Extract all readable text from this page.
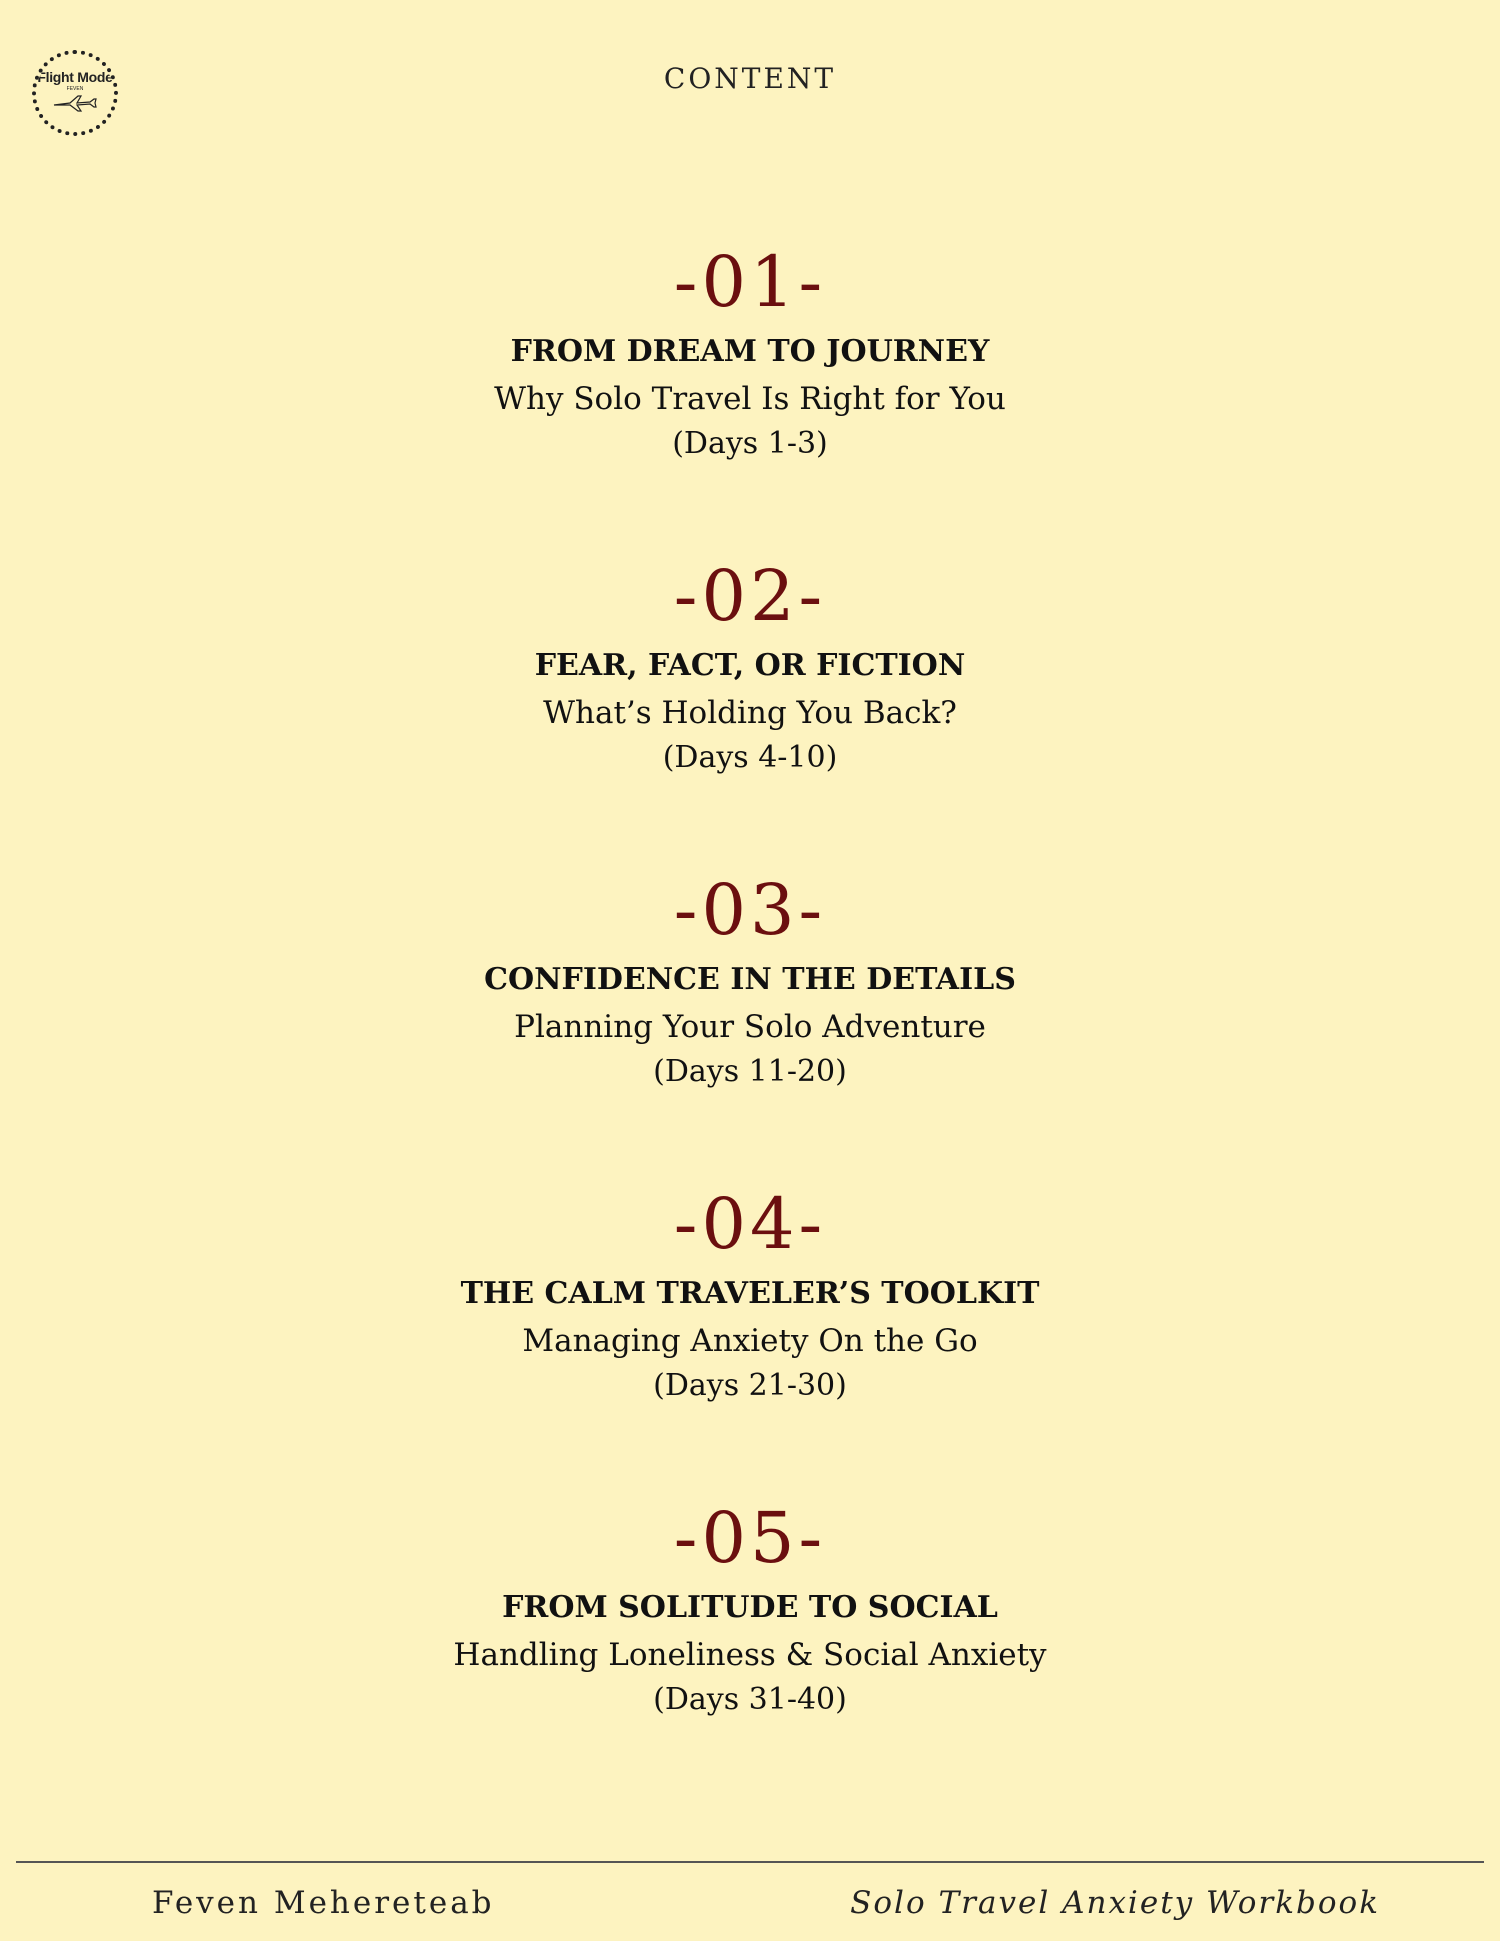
Flight Mode
FEVEN	CONTENT
-01-
FROM DREAM TO JOURNEY
Why Solo Travel Is Right for You
(Days 1-3)
-02-
FEAR, FACT, OR FICTION
What’s Holding You Back?
(Days 4-10)
-03-
CONFIDENCE IN THE DETAILS
Planning Your Solo Adventure
(Days 11-20)
-04-
THE CALM TRAVELER’S TOOLKIT
Managing Anxiety On the Go
(Days 21-30)
-05-
FROM SOLITUDE TO SOCIAL
Handling Loneliness & Social Anxiety
(Days 31-40)
Feven Mehereteab	Solo Travel Anxiety Workbook
